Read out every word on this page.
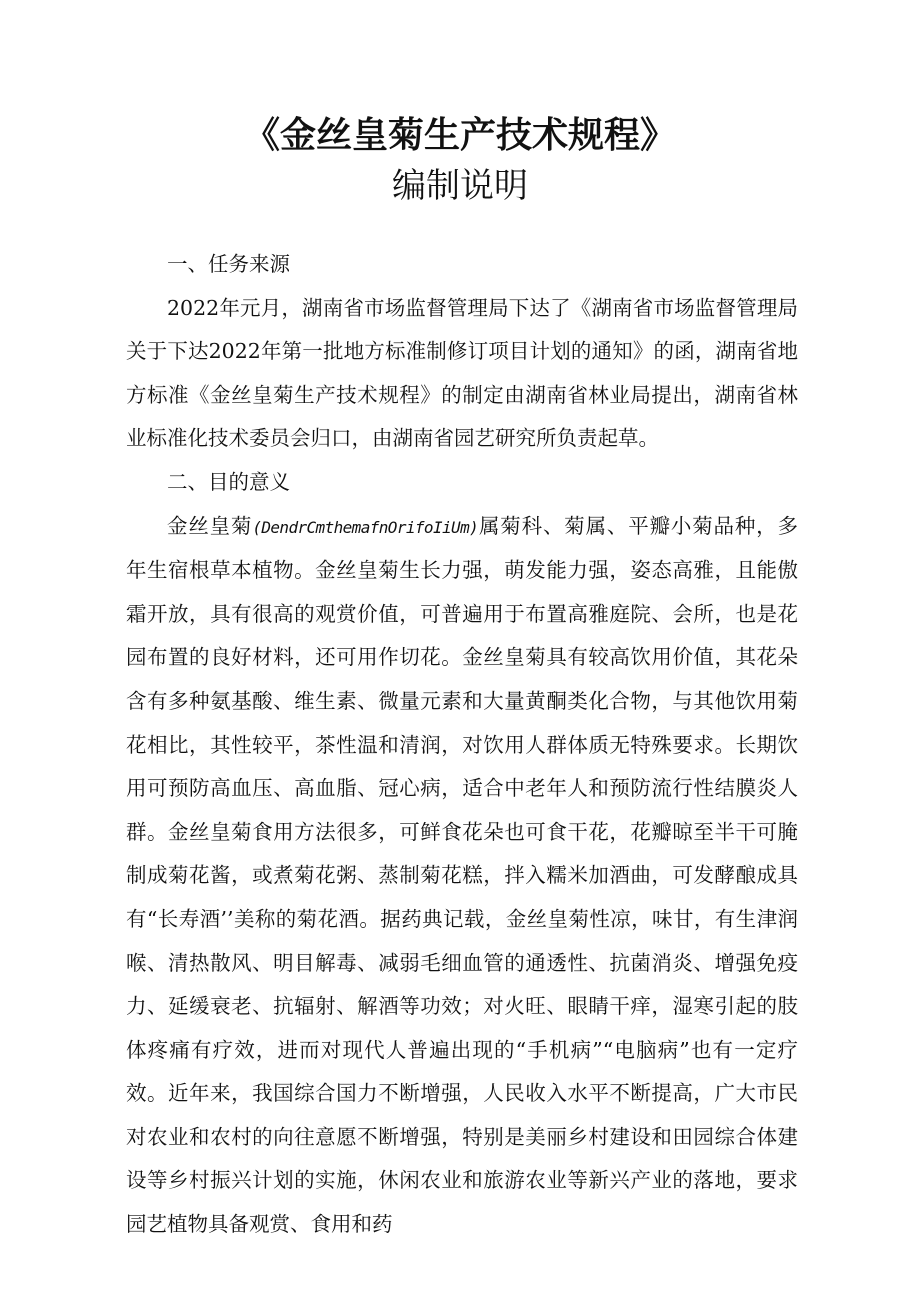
《金丝皇菊生产技术规程》
编制说明

一、任务来源

2022年元月，湖南省市场监督管理局下达了《湖南省市场监督管理局关于下达2022年第一批地方标准制修订项目计划的通知》的函，湖南省地方标准《金丝皇菊生产技术规程》的制定由湖南省林业局提出，湖南省林业标准化技术委员会归口，由湖南省园艺研究所负责起草。

二、目的意义

金丝皇菊(DendrCmthemafnOrifoIiUm)属菊科、菊属、平瓣小菊品种，多年生宿根草本植物。金丝皇菊生长力强，萌发能力强，姿态高雅，且能傲霜开放，具有很高的观赏价值，可普遍用于布置高雅庭院、会所，也是花园布置的良好材料，还可用作切花。金丝皇菊具有较高饮用价值，其花朵含有多种氨基酸、维生素、微量元素和大量黄酮类化合物，与其他饮用菊花相比，其性较平，茶性温和清润，对饮用人群体质无特殊要求。长期饮用可预防高血压、高血脂、冠心病，适合中老年人和预防流行性结膜炎人群。金丝皇菊食用方法很多，可鲜食花朵也可食干花，花瓣晾至半干可腌制成菊花酱，或煮菊花粥、蒸制菊花糕，拌入糯米加酒曲，可发酵酿成具有“长寿酒’’美称的菊花酒。据药典记载，金丝皇菊性凉，味甘，有生津润喉、清热散风、明目解毒、减弱毛细血管的通透性、抗菌消炎、增强免疫力、延缓衰老、抗辐射、解酒等功效；对火旺、眼睛干痒，湿寒引起的肢体疼痛有疗效，进而对现代人普遍出现的“手机病”“电脑病”也有一定疗效。近年来，我国综合国力不断增强，人民收入水平不断提高，广大市民对农业和农村的向往意愿不断增强，特别是美丽乡村建设和田园综合体建设等乡村振兴计划的实施，休闲农业和旅游农业等新兴产业的落地，要求园艺植物具备观赏、食用和药
